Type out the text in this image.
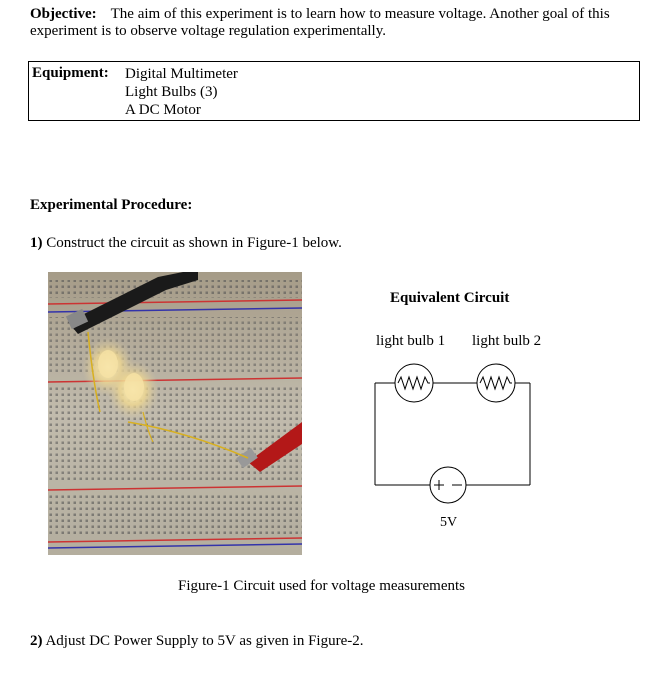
Objective: The aim of this experiment is to learn how to measure voltage. Another goal of this experiment is to observe voltage regulation experimentally.
Equipment: Digital Multimeter
Light Bulbs (3)
A DC Motor
Experimental Procedure:
1) Construct the circuit as shown in Figure-1 below.
Equivalent Circuit
light bulb 1 light bulb 2
5V
Figure-1 Circuit used for voltage measurements
2) Adjust DC Power Supply to 5V as given in Figure-2.
